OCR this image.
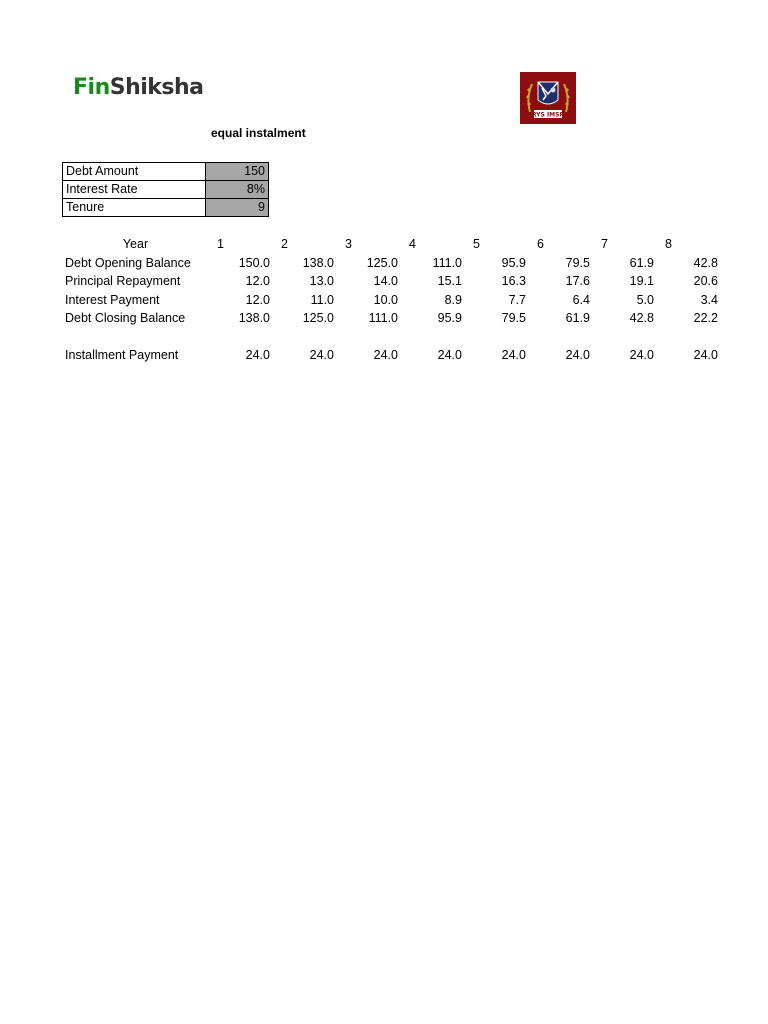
FinShiksha
RYS IMSR
equal instalment
Debt Amount	150
Interest Rate	8%
Tenure	9
Year	1	2	3	4	5	6	7	8
Debt Opening Balance	150.0	138.0	125.0	111.0	95.9	79.5	61.9	42.8
Principal Repayment	12.0	13.0	14.0	15.1	16.3	17.6	19.1	20.6
Interest Payment	12.0	11.0	10.0	8.9	7.7	6.4	5.0	3.4
Debt Closing Balance	138.0	125.0	111.0	95.9	79.5	61.9	42.8	22.2

Installment Payment	24.0	24.0	24.0	24.0	24.0	24.0	24.0	24.0
